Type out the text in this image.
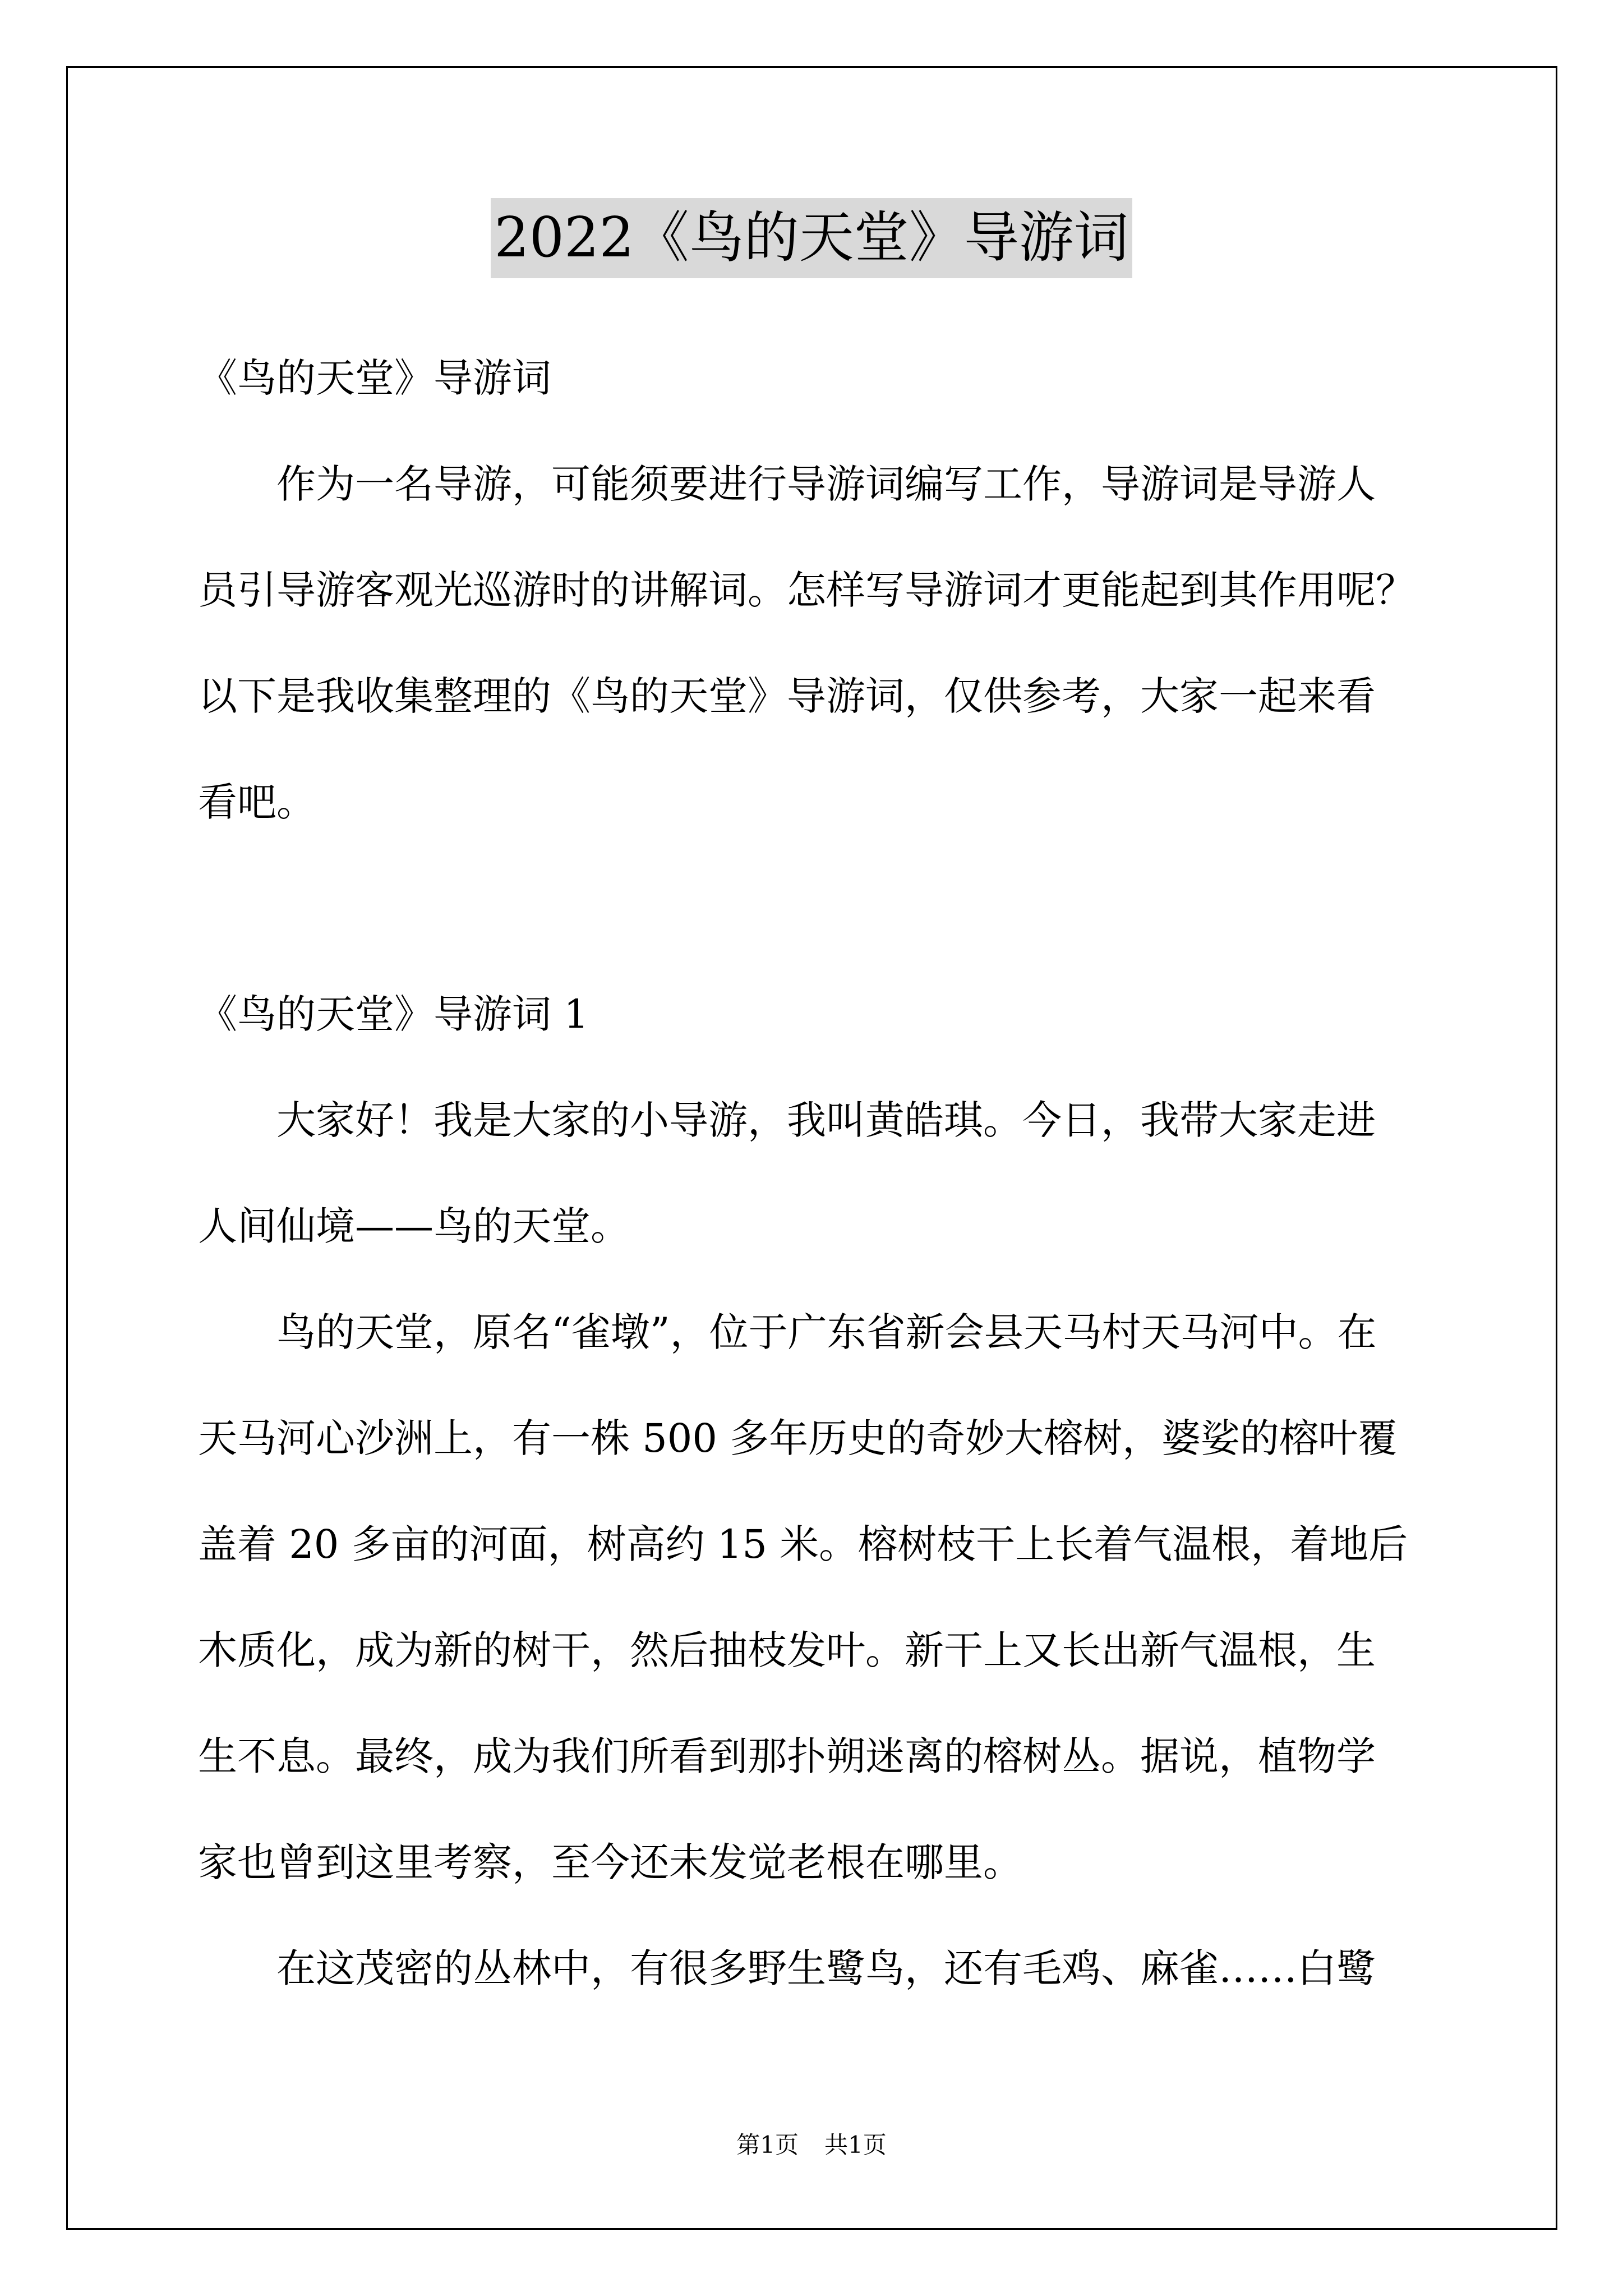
2022《鸟的天堂》导游词
《鸟的天堂》导游词
作为一名导游，可能须要进行导游词编写工作，导游词是导游人
员引导游客观光巡游时的讲解词。怎样写导游词才更能起到其作用呢？
以下是我收集整理的《鸟的天堂》导游词，仅供参考，大家一起来看
看吧。
《鸟的天堂》导游词 1
大家好！我是大家的小导游，我叫黄皓琪。今日，我带大家走进
人间仙境——鸟的天堂。
鸟的天堂，原名“雀墩”，位于广东省新会县天马村天马河中。在
天马河心沙洲上，有一株 500 多年历史的奇妙大榕树，婆娑的榕叶覆
盖着 20 多亩的河面，树高约 15 米。榕树枝干上长着气温根，着地后
木质化，成为新的树干，然后抽枝发叶。新干上又长出新气温根，生
生不息。最终，成为我们所看到那扑朔迷离的榕树丛。据说，植物学
家也曾到这里考察，至今还未发觉老根在哪里。
在这茂密的丛林中，有很多野生鹭鸟，还有毛鸡、麻雀……白鹭
第1页 共1页
